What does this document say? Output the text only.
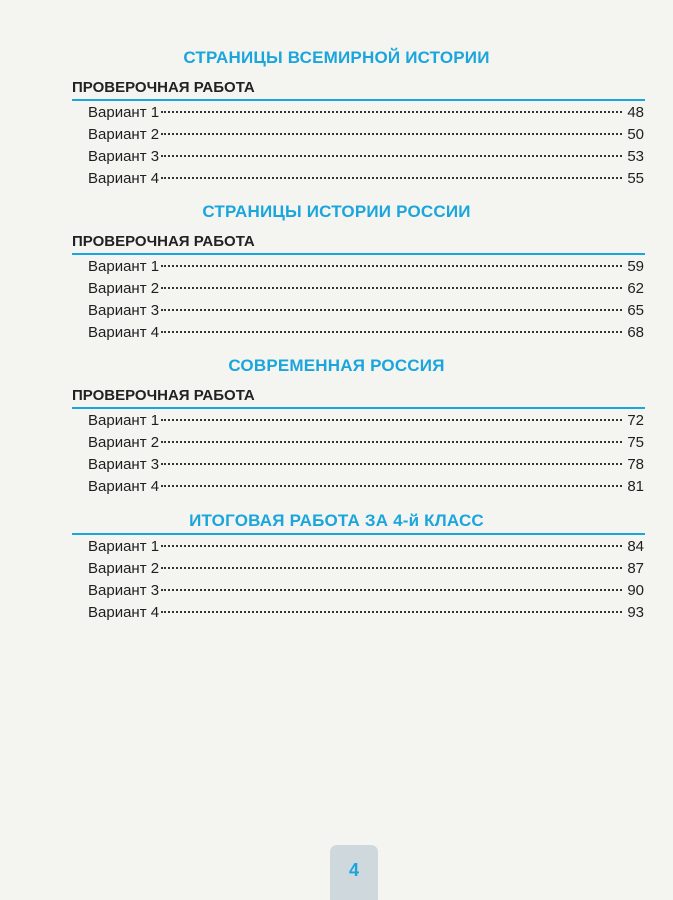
СТРАНИЦЫ ВСЕМИРНОЙ ИСТОРИИ
ПРОВЕРОЧНАЯ РАБОТА
Вариант 1	48
Вариант 2	50
Вариант 3	53
Вариант 4	55
СТРАНИЦЫ ИСТОРИИ РОССИИ
ПРОВЕРОЧНАЯ РАБОТА
Вариант 1	59
Вариант 2	62
Вариант 3	65
Вариант 4	68
СОВРЕМЕННАЯ РОССИЯ
ПРОВЕРОЧНАЯ РАБОТА
Вариант 1	72
Вариант 2	75
Вариант 3	78
Вариант 4	81
ИТОГОВАЯ РАБОТА ЗА 4-й КЛАСС
Вариант 1	84
Вариант 2	87
Вариант 3	90
Вариант 4	93
4
